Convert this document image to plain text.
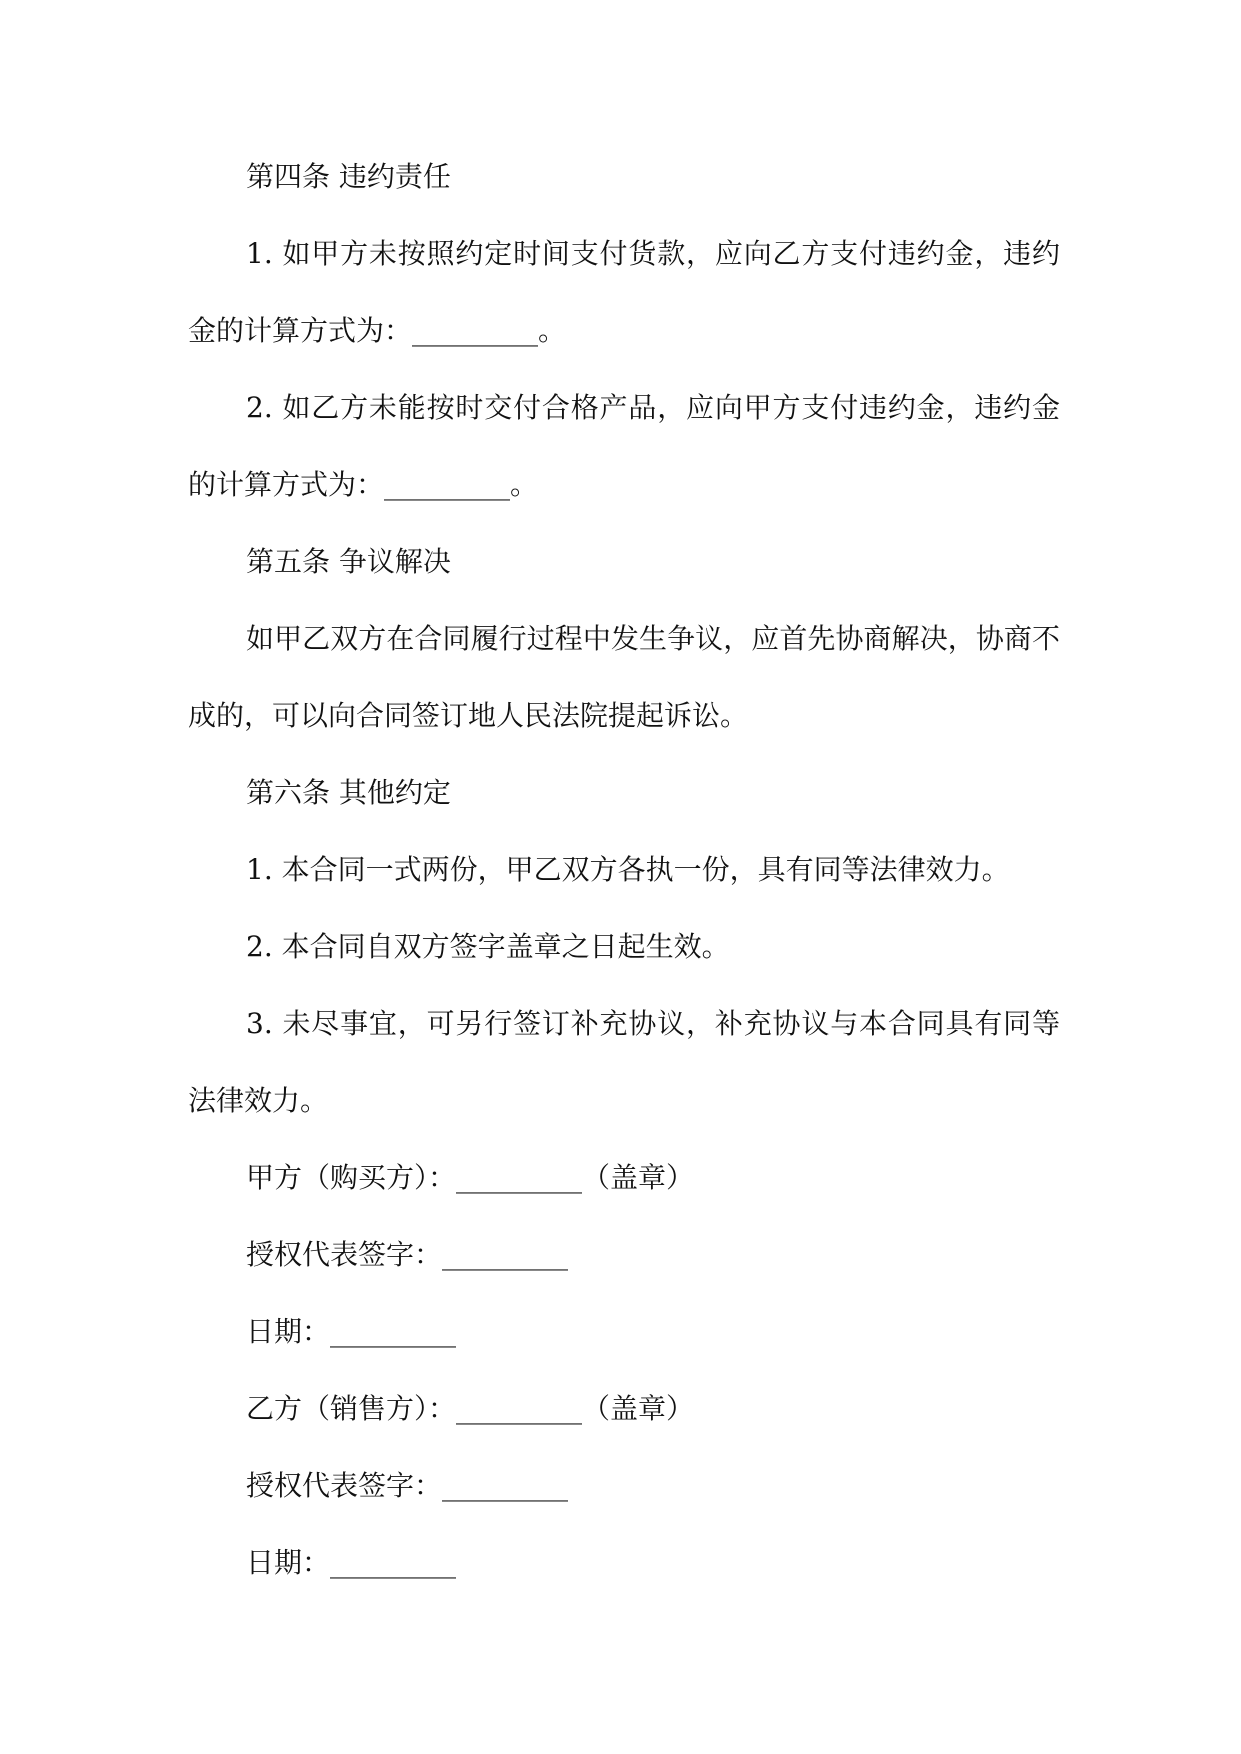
第四条 违约责任

1. 如甲方未按照约定时间支付货款，应向乙方支付违约金，违约金的计算方式为：_________。

2. 如乙方未能按时交付合格产品，应向甲方支付违约金，违约金的计算方式为：_________。

第五条 争议解决

如甲乙双方在合同履行过程中发生争议，应首先协商解决，协商不成的，可以向合同签订地人民法院提起诉讼。

第六条 其他约定

1. 本合同一式两份，甲乙双方各执一份，具有同等法律效力。

2. 本合同自双方签字盖章之日起生效。

3. 未尽事宜，可另行签订补充协议，补充协议与本合同具有同等法律效力。

甲方（购买方）：_________（盖章）

授权代表签字：_________

日期：_________

乙方（销售方）：_________（盖章）

授权代表签字：_________

日期：_________
